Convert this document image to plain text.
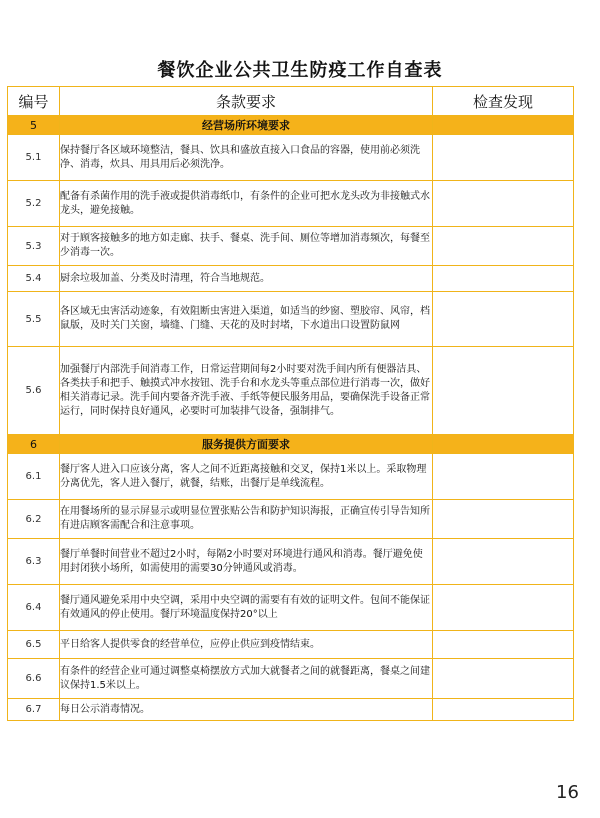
餐饮企业公共卫生防疫工作自查表
编号	条款要求	检查发现
5	经营场所环境要求	
5.1	保持餐厅各区域环境整洁，餐具、饮具和盛放直接入口食品的容器，使用前必须洗净、消毒，炊具、用具用后必须洗净。	
5.2	配备有杀菌作用的洗手液或提供消毒纸巾，有条件的企业可把水龙头改为非接触式水龙头，避免接触。	
5.3	对于顾客接触多的地方如走廊、扶手、餐桌、洗手间、厕位等增加消毒频次，每餐至少消毒一次。	
5.4	厨余垃圾加盖、分类及时清理，符合当地规范。	
5.5	各区域无虫害活动迹象，有效阻断虫害进入渠道，如适当的纱窗、塑胶帘、风帘，档鼠版，及时关门关窗，墙缝、门缝、天花的及时封堵，下水道出口设置防鼠网	
5.6	加强餐厅内部洗手间消毒工作，日常运营期间每2小时要对洗手间内所有便器洁具、各类扶手和把手、触摸式冲水按钮、洗手台和水龙头等重点部位进行消毒一次，做好相关消毒记录。洗手间内要备齐洗手液、手纸等便民服务用品，要确保洗手设备正常运行，同时保持良好通风，必要时可加装排气设备，强制排气。	
6	服务提供方面要求	
6.1	餐厅客人进入口应该分离，客人之间不近距离接触和交叉，保持1米以上。采取物理分离优先，客人进入餐厅，就餐，结账，出餐厅是单线流程。	
6.2	在用餐场所的显示屏显示或明显位置张贴公告和防护知识海报，正确宣传引导告知所有进店顾客需配合和注意事项。	
6.3	餐厅单餐时间营业不超过2小时，每隔2小时要对环境进行通风和消毒。餐厅避免使用封闭狭小场所，如需使用的需要30分钟通风或消毒。	
6.4	餐厅通风避免采用中央空调，采用中央空调的需要有有效的证明文件。包间不能保证有效通风的停止使用。餐厅环境温度保持20°以上	
6.5	平日给客人提供零食的经营单位，应停止供应到疫情结束。	
6.6	有条件的经营企业可通过调整桌椅摆放方式加大就餐者之间的就餐距离，餐桌之间建议保持1.5米以上。	
6.7	每日公示消毒情况。	
16
